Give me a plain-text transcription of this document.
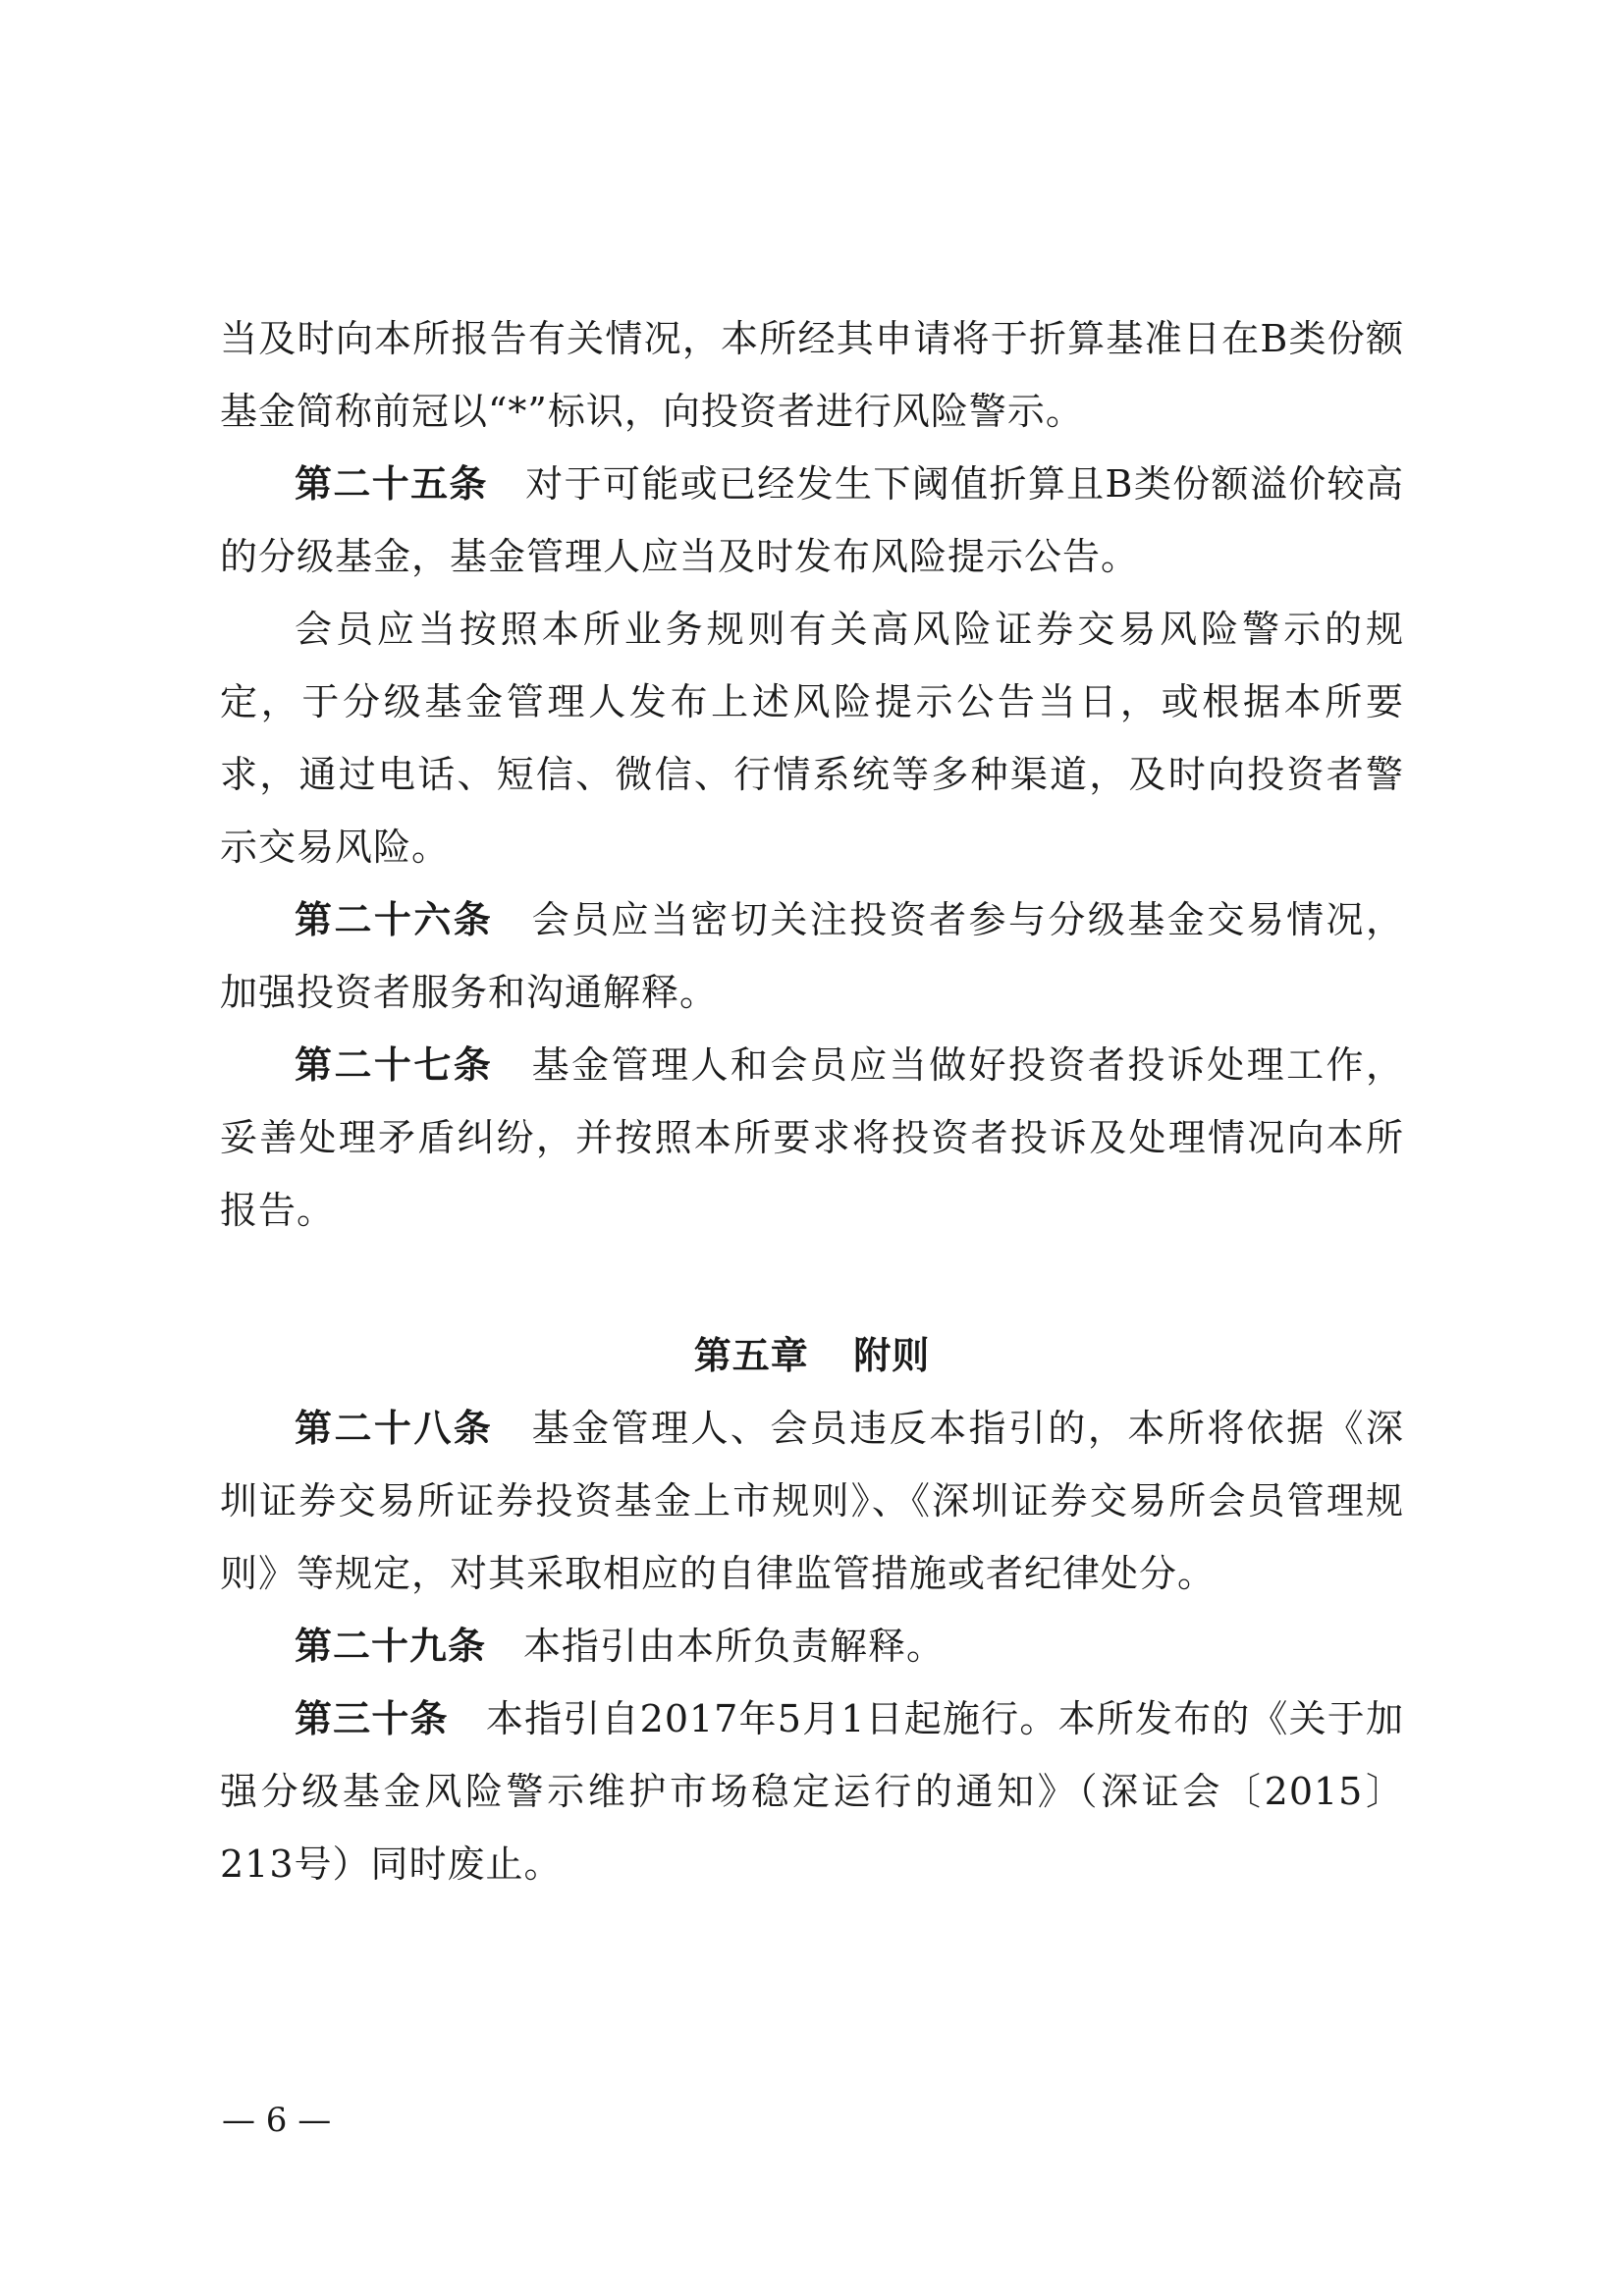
当及时向本所报告有关情况，本所经其申请将于折算基准日在B类份额基金简称前冠以“*”标识，向投资者进行风险警示。

第二十五条 对于可能或已经发生下阈值折算且B类份额溢价较高的分级基金，基金管理人应当及时发布风险提示公告。

会员应当按照本所业务规则有关高风险证券交易风险警示的规定，于分级基金管理人发布上述风险提示公告当日，或根据本所要求，通过电话、短信、微信、行情系统等多种渠道，及时向投资者警示交易风险。

第二十六条 会员应当密切关注投资者参与分级基金交易情况，加强投资者服务和沟通解释。

第二十七条 基金管理人和会员应当做好投资者投诉处理工作，妥善处理矛盾纠纷，并按照本所要求将投资者投诉及处理情况向本所报告。

第五章 附则

第二十八条 基金管理人、会员违反本指引的，本所将依据《深圳证券交易所证券投资基金上市规则》、《深圳证券交易所会员管理规则》等规定，对其采取相应的自律监管措施或者纪律处分。

第二十九条 本指引由本所负责解释。

第三十条 本指引自2017年5月1日起施行。本所发布的《关于加强分级基金风险警示维护市场稳定运行的通知》（深证会〔2015〕213号）同时废止。

— 6 —
